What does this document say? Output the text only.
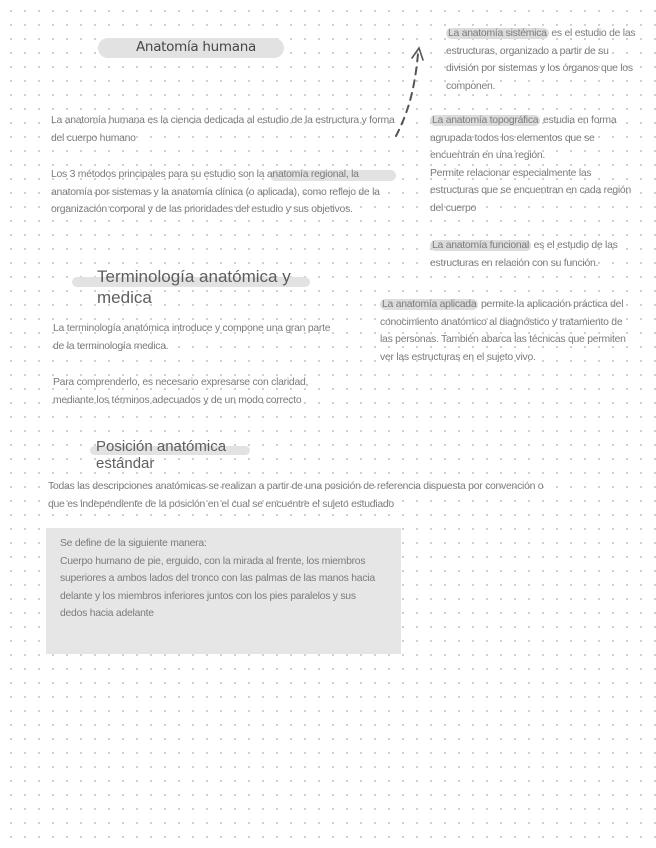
Anatomía humana
La anatomía humana es la ciencia dedicada al estudio de la estructura y forma del cuerpo humano
Los 3 métodos principales para su estudio son la anatomía regional, la anatomía por sistemas y la anatomía clínica (o aplicada), como reflejo de la organización corporal y de las prioridades del estudio y sus objetivos.
La anatomía sistémica es el estudio de las estructuras, organizado a partir de su división por sistemas y los órganos que los componen.
La anatomía topográfica estudia en forma agrupada todos los elementos que se encuentran en una región.
Permite relacionar especialmente las estructuras que se encuentran en cada región del cuerpo
La anatomía funcional es el estudio de las estructuras en relación con su función.
La anatomía aplicada permite la aplicación práctica del conocimiento anatómico al diagnóstico y tratamiento de las personas. También abarca las técnicas que permiten ver las estructuras en el sujeto vivo.
Terminología anatómica y medica
La terminología anatómica introduce y compone una gran parte de la terminología medica.
Para comprenderlo, es necesario expresarse con claridad, mediante los términos adecuados y de un modo correcto
Posición anatómica estándar
Todas las descripciones anatómicas se realizan a partir de una posición de referencia dispuesta por convención o que es independiente de la posición en el cual se encuentre el sujeto estudiado
Se define de la siguiente manera:
Cuerpo humano de pie, erguido, con la mirada al frente, los miembros superiores a ambos lados del tronco con las palmas de las manos hacia delante y los miembros inferiores juntos con los pies paralelos y sus dedos hacia adelante
